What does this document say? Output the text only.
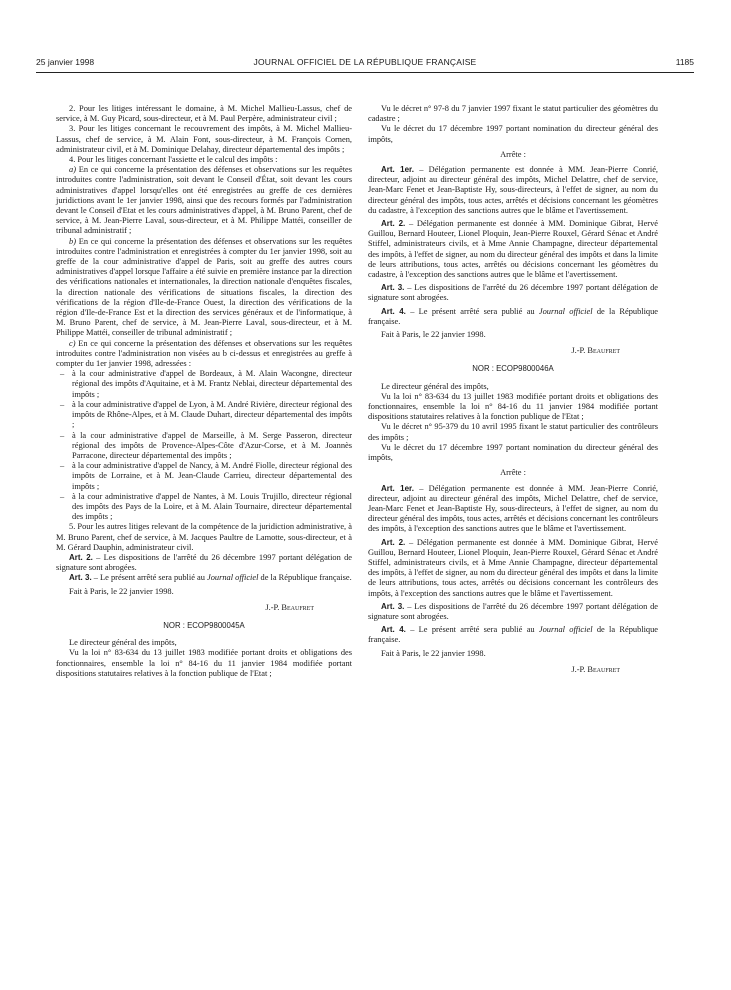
25 janvier 1998	JOURNAL OFFICIEL DE LA RÉPUBLIQUE FRANÇAISE	1185

2. Pour les litiges intéressant le domaine, à M. Michel Mallieu-Lassus, chef de service, à M. Guy Picard, sous-directeur, et à M. Paul Perpère, administrateur civil ;

3. Pour les litiges concernant le recouvrement des impôts, à M. Michel Mallieu-Lassus, chef de service, à M. Alain Font, sous-directeur, à M. François Cornen, administrateur civil, et à M. Dominique Delahay, directeur départemental des impôts ;

4. Pour les litiges concernant l'assiette et le calcul des impôts :

a) En ce qui concerne la présentation des défenses et observations sur les requêtes introduites contre l'administration, soit devant le Conseil d'État, soit devant les cours administratives d'appel lorsqu'elles ont été enregistrées au greffe de ces dernières juridictions avant le 1er janvier 1998, ainsi que des recours formés par l'administration devant le Conseil d'Etat et les cours administratives d'appel, à M. Bruno Parent, chef de service, à M. Jean-Pierre Laval, sous-directeur, et à M. Philippe Mattéi, conseiller de tribunal administratif ;

b) En ce qui concerne la présentation des défenses et observations sur les requêtes introduites contre l'administration et enregistrées à compter du 1er janvier 1998, soit au greffe de la cour administrative d'appel de Paris, soit au greffe des autres cours administratives d'appel lorsque l'affaire a été suivie en première instance par la direction des vérifications nationales et internationales, la direction nationale d'enquêtes fiscales, la direction nationale des vérifications de situations fiscales, la direction des vérifications de la région d'Ile-de-France Ouest, la direction des vérifications de la région d'Ile-de-France Est et la direction des services généraux et de l'informatique, à M. Bruno Parent, chef de service, à M. Jean-Pierre Laval, sous-directeur, et à M. Philippe Mattéi, conseiller de tribunal administratif ;

c) En ce qui concerne la présentation des défenses et observations sur les requêtes introduites contre l'administration non visées au b ci-dessus et enregistrées au greffe à compter du 1er janvier 1998, adressées :

– à la cour administrative d'appel de Bordeaux, à M. Alain Wacongne, directeur régional des impôts d'Aquitaine, et à M. Frantz Neblai, directeur départemental des impôts ;
– à la cour administrative d'appel de Lyon, à M. André Rivière, directeur régional des impôts de Rhône-Alpes, et à M. Claude Duhart, directeur départemental des impôts ;
– à la cour administrative d'appel de Marseille, à M. Serge Passeron, directeur régional des impôts de Provence-Alpes-Côte d'Azur-Corse, et à M. Joannès Parracone, directeur départemental des impôts ;
– à la cour administrative d'appel de Nancy, à M. André Fiolle, directeur régional des impôts de Lorraine, et à M. Jean-Claude Carrieu, directeur départemental des impôts ;
– à la cour administrative d'appel de Nantes, à M. Louis Trujillo, directeur régional des impôts des Pays de la Loire, et à M. Alain Tournaire, directeur départemental des impôts ;

5. Pour les autres litiges relevant de la compétence de la juridiction administrative, à M. Bruno Parent, chef de service, à M. Jacques Paultre de Lamotte, sous-directeur, et à M. Gérard Dauphin, administrateur civil.

Art. 2. – Les dispositions de l'arrêté du 26 décembre 1997 portant délégation de signature sont abrogées.

Art. 3. – Le présent arrêté sera publié au Journal officiel de la République française.

Fait à Paris, le 22 janvier 1998.

J.-P. Beaufret

NOR : ECOP9800045A

Le directeur général des impôts,

Vu la loi n° 83-634 du 13 juillet 1983 modifiée portant droits et obligations des fonctionnaires, ensemble la loi n° 84-16 du 11 janvier 1984 modifiée portant dispositions statutaires relatives à la fonction publique de l'Etat ;

Vu le décret n° 97-8 du 7 janvier 1997 fixant le statut particulier des géomètres du cadastre ;

Vu le décret du 17 décembre 1997 portant nomination du directeur général des impôts,

Arrête :

Art. 1er. – Délégation permanente est donnée à MM. Jean-Pierre Conrié, directeur, adjoint au directeur général des impôts, Michel Delattre, chef de service, Jean-Marc Fenet et Jean-Baptiste Hy, sous-directeurs, à l'effet de signer, au nom du directeur général des impôts, tous actes, arrêtés et décisions concernant les géomètres du cadastre, à l'exception des sanctions autres que le blâme et l'avertissement.

Art. 2. – Délégation permanente est donnée à MM. Dominique Gibrat, Hervé Guillou, Bernard Houteer, Lionel Ploquin, Jean-Pierre Rouxel, Gérard Sénac et André Stiffel, administrateurs civils, et à Mme Annie Champagne, directeur départemental des impôts, à l'effet de signer, au nom du directeur général des impôts et dans la limite de leurs attributions, tous actes, arrêtés ou décisions concernant les géomètres du cadastre, à l'exception des sanctions autres que le blâme et l'avertissement.

Art. 3. – Les dispositions de l'arrêté du 26 décembre 1997 portant délégation de signature sont abrogées.

Art. 4. – Le présent arrêté sera publié au Journal officiel de la République française.

Fait à Paris, le 22 janvier 1998.

J.-P. Beaufret

NOR : ECOP9800046A

Le directeur général des impôts,

Vu la loi n° 83-634 du 13 juillet 1983 modifiée portant droits et obligations des fonctionnaires, ensemble la loi n° 84-16 du 11 janvier 1984 modifiée portant dispositions statutaires relatives à la fonction publique de l'Etat ;

Vu le décret n° 95-379 du 10 avril 1995 fixant le statut particulier des contrôleurs des impôts ;

Vu le décret du 17 décembre 1997 portant nomination du directeur général des impôts,

Arrête :

Art. 1er. – Délégation permanente est donnée à MM. Jean-Pierre Conrié, directeur, adjoint au directeur général des impôts, Michel Delattre, chef de service, Jean-Marc Fenet et Jean-Baptiste Hy, sous-directeurs, à l'effet de signer, au nom du directeur général des impôts, tous actes, arrêtés et décisions concernant les contrôleurs des impôts, à l'exception des sanctions autres que le blâme et l'avertissement.

Art. 2. – Délégation permanente est donnée à MM. Dominique Gibrat, Hervé Guillou, Bernard Houteer, Lionel Ploquin, Jean-Pierre Rouxel, Gérard Sénac et André Stiffel, administrateurs civils, et à Mme Annie Champagne, directeur départemental des impôts, à l'effet de signer, au nom du directeur général des impôts et dans la limite de leurs attributions, tous actes, arrêtés ou décisions concernant les contrôleurs des impôts, à l'exception des sanctions autres que le blâme et l'avertissement.

Art. 3. – Les dispositions de l'arrêté du 26 décembre 1997 portant délégation de signature sont abrogées.

Art. 4. – Le présent arrêté sera publié au Journal officiel de la République française.

Fait à Paris, le 22 janvier 1998.

J.-P. Beaufret
